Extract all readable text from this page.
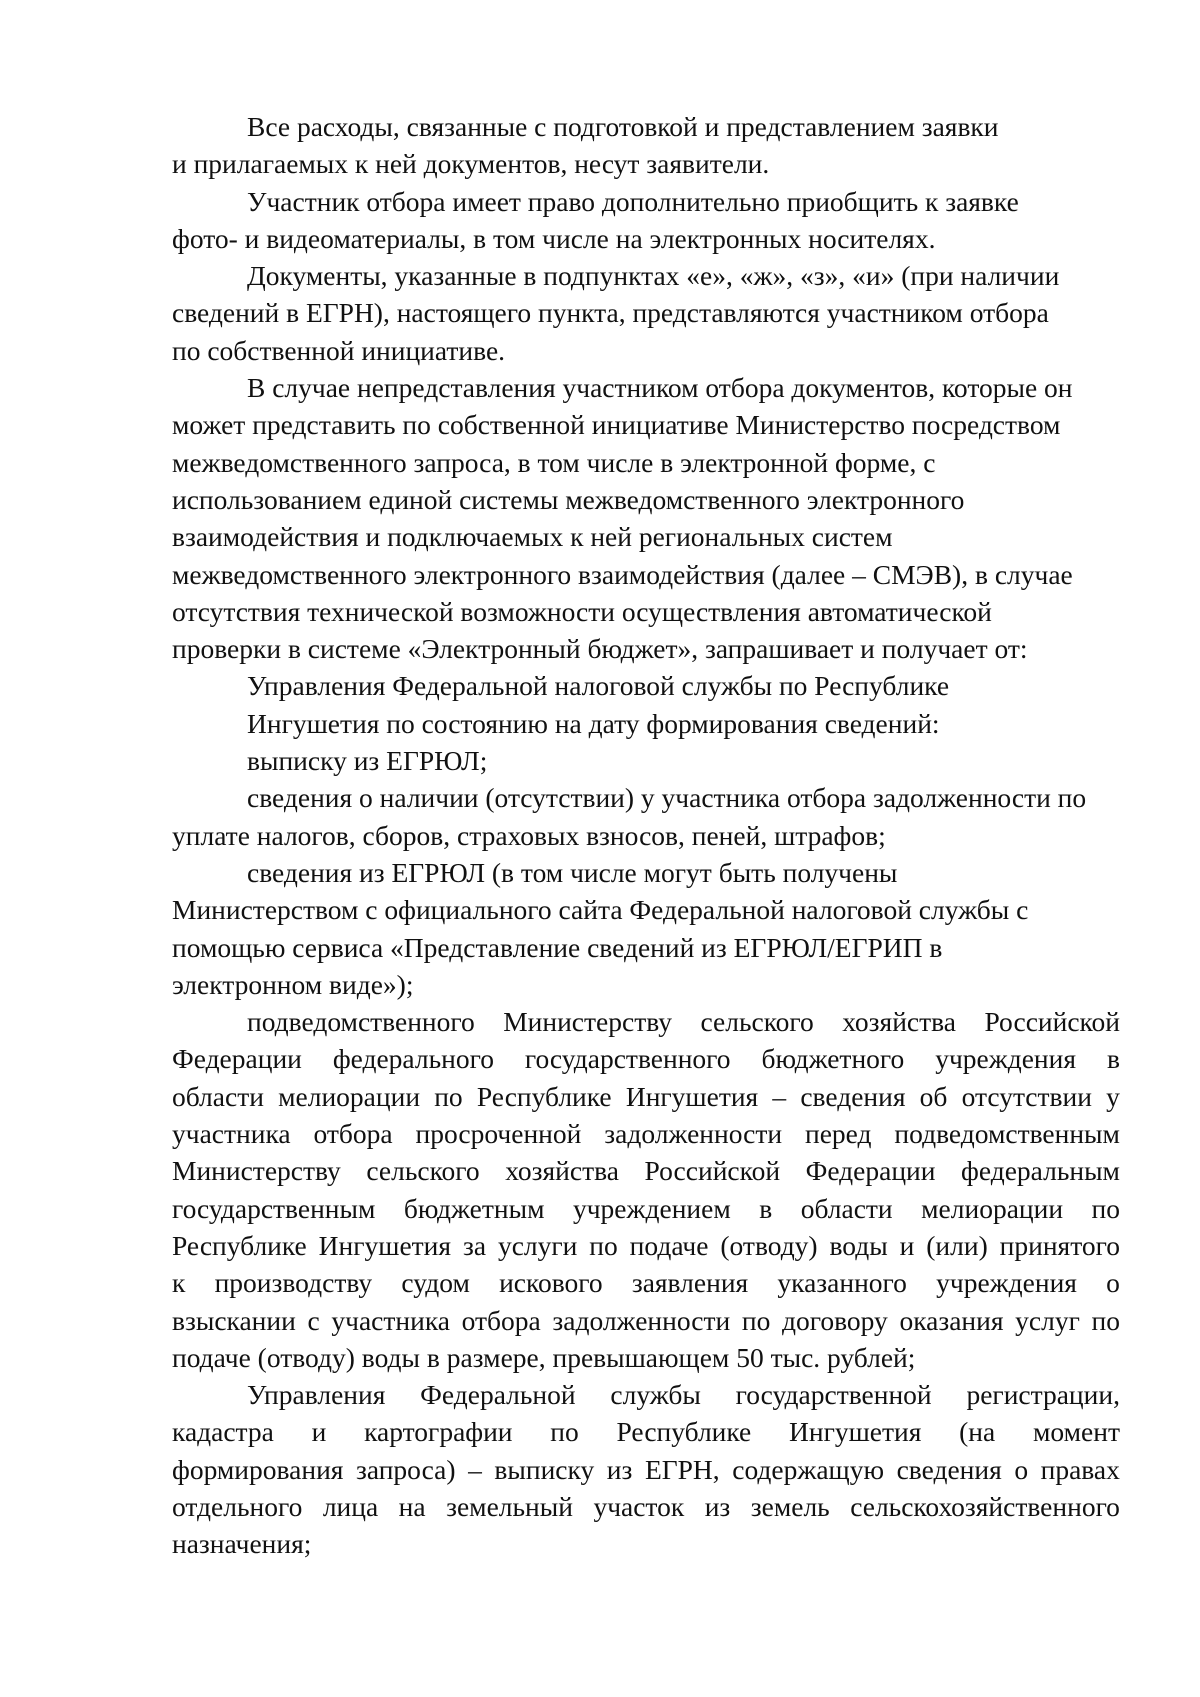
Все расходы, связанные с подготовкой и представлением заявки
и прилагаемых к ней документов, несут заявители.
Участник отбора имеет право дополнительно приобщить к заявке
фото- и видеоматериалы, в том числе на электронных носителях.
Документы, указанные в подпунктах «е», «ж», «з», «и» (при наличии
сведений в ЕГРН), настоящего пункта, представляются участником отбора
по собственной инициативе.
В случае непредставления участником отбора документов, которые он
может представить по собственной инициативе Министерство посредством
межведомственного запроса, в том числе в электронной форме, с
использованием единой системы межведомственного электронного
взаимодействия и подключаемых к ней региональных систем
межведомственного электронного взаимодействия (далее – СМЭВ), в случае
отсутствия технической возможности осуществления автоматической
проверки в системе «Электронный бюджет», запрашивает и получает от:
Управления Федеральной налоговой службы по Республике
Ингушетия по состоянию на дату формирования сведений:
выписку из ЕГРЮЛ;
сведения о наличии (отсутствии) у участника отбора задолженности по
уплате налогов, сборов, страховых взносов, пеней, штрафов;
сведения из ЕГРЮЛ (в том числе могут быть получены
Министерством с официального сайта Федеральной налоговой службы с
помощью сервиса «Представление сведений из ЕГРЮЛ/ЕГРИП в
электронном виде»);
подведомственного Министерству сельского хозяйства Российской
Федерации федерального государственного бюджетного учреждения в
области мелиорации по Республике Ингушетия – сведения об отсутствии у
участника отбора просроченной задолженности перед подведомственным
Министерству сельского хозяйства Российской Федерации федеральным
государственным бюджетным учреждением в области мелиорации по
Республике Ингушетия за услуги по подаче (отводу) воды и (или) принятого
к производству судом искового заявления указанного учреждения о
взыскании с участника отбора задолженности по договору оказания услуг по
подаче (отводу) воды в размере, превышающем 50 тыс. рублей;
Управления Федеральной службы государственной регистрации,
кадастра и картографии по Республике Ингушетия (на момент
формирования запроса) – выписку из ЕГРН, содержащую сведения о правах
отдельного лица на земельный участок из земель сельскохозяйственного
назначения;
